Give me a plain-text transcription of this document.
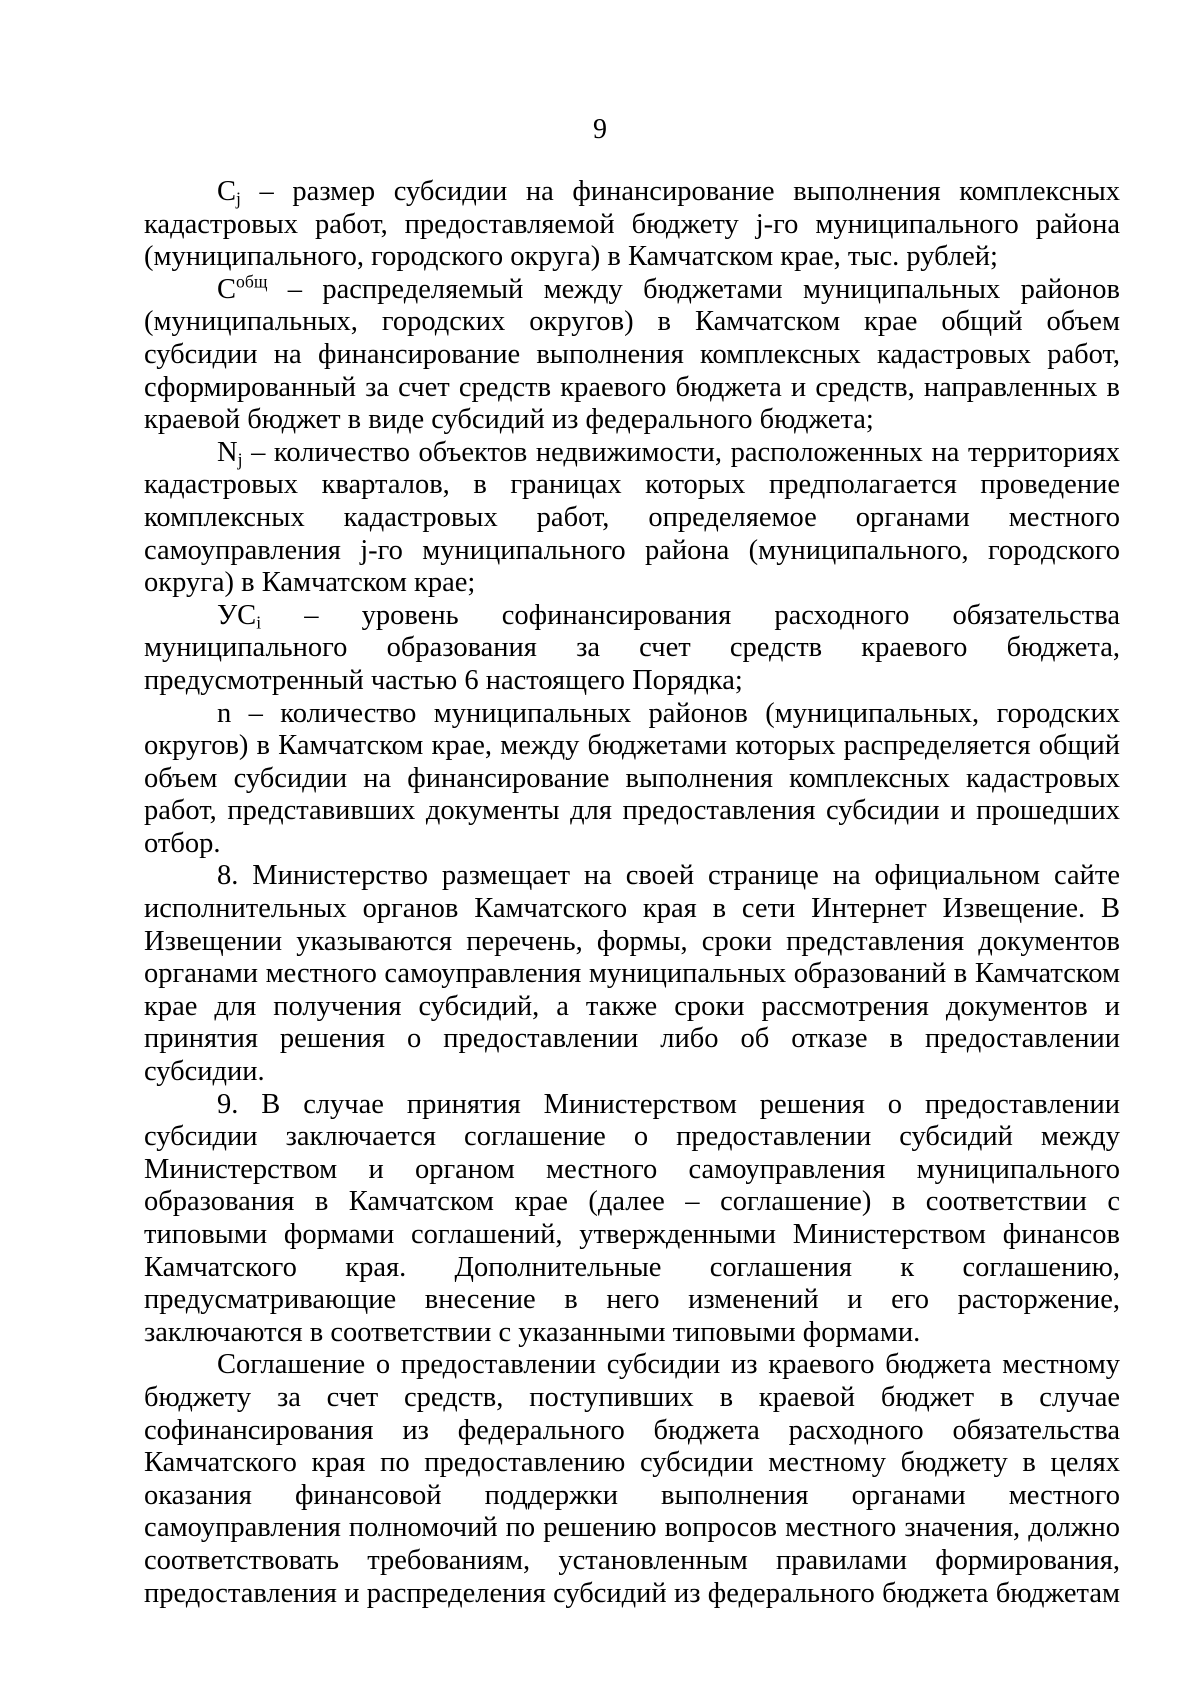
9

$C_j$ – размер субсидии на финансирование выполнения комплексных кадастровых работ, предоставляемой бюджету j-го муниципального района (муниципального, городского округа) в Камчатском крае, тыс. рублей;

$С^{общ}$ – распределяемый между бюджетами муниципальных районов (муниципальных, городских округов) в Камчатском крае общий объем субсидии на финансирование выполнения комплексных кадастровых работ, сформированный за счет средств краевого бюджета и средств, направленных в краевой бюджет в виде субсидий из федерального бюджета;

$N_j$ – количество объектов недвижимости, расположенных на территориях кадастровых кварталов, в границах которых предполагается проведение комплексных кадастровых работ, определяемое органами местного самоуправления j-го муниципального района (муниципального, городского округа) в Камчатском крае;

$УС_i$ – уровень софинансирования расходного обязательства муниципального образования за счет средств краевого бюджета, предусмотренный частью 6 настоящего Порядка;

n – количество муниципальных районов (муниципальных, городских округов) в Камчатском крае, между бюджетами которых распределяется общий объем субсидии на финансирование выполнения комплексных кадастровых работ, представивших документы для предоставления субсидии и прошедших отбор.

8. Министерство размещает на своей странице на официальном сайте исполнительных органов Камчатского края в сети Интернет Извещение. В Извещении указываются перечень, формы, сроки представления документов органами местного самоуправления муниципальных образований в Камчатском крае для получения субсидий, а также сроки рассмотрения документов и принятия решения о предоставлении либо об отказе в предоставлении субсидии.

9. В случае принятия Министерством решения о предоставлении субсидии заключается соглашение о предоставлении субсидий между Министерством и органом местного самоуправления муниципального образования в Камчатском крае (далее – соглашение) в соответствии с типовыми формами соглашений, утвержденными Министерством финансов Камчатского края. Дополнительные соглашения к соглашению, предусматривающие внесение в него изменений и его расторжение, заключаются в соответствии с указанными типовыми формами.

Соглашение о предоставлении субсидии из краевого бюджета местному бюджету за счет средств, поступивших в краевой бюджет в случае софинансирования из федерального бюджета расходного обязательства Камчатского края по предоставлению субсидии местному бюджету в целях оказания финансовой поддержки выполнения органами местного самоуправления полномочий по решению вопросов местного значения, должно соответствовать требованиям, установленным правилами формирования, предоставления и распределения субсидий из федерального бюджета бюджетам
